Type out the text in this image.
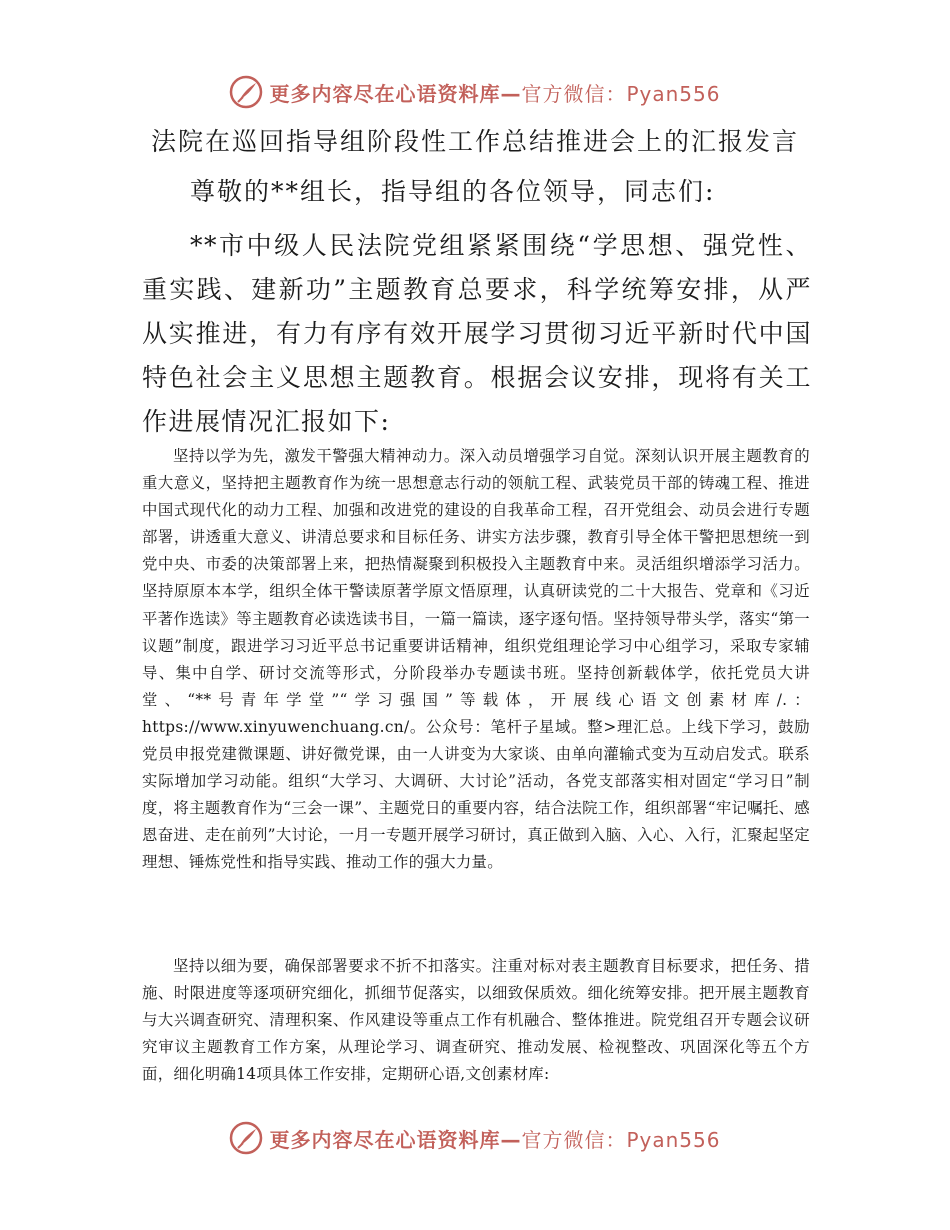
更多内容尽在心语资料库— 官方微信：Pyan556
法院在巡回指导组阶段性工作总结推进会上的汇报发言
尊敬的**组长，指导组的各位领导，同志们:

**市中级人民法院党组紧紧围绕“学思想、强党性、重实践、建新功”主题教育总要求，科学统筹安排，从严从实推进，有力有序有效开展学习贯彻习近平新时代中国特色社会主义思想主题教育。根据会议安排，现将有关工作进展情况汇报如下:

坚持以学为先，激发干警强大精神动力。深入动员增强学习自觉。深刻认识开展主题教育的重大意义，坚持把主题教育作为统一思想意志行动的领航工程、武装党员干部的铸魂工程、推进中国式现代化的动力工程、加强和改进党的建设的自我革命工程，召开党组会、动员会进行专题部署，讲透重大意义、讲清总要求和目标任务、讲实方法步骤，教育引导全体干警把思想统一到党中央、市委的决策部署上来，把热情凝聚到积极投入主题教育中来。灵活组织增添学习活力。坚持原原本本学，组织全体干警读原著学原文悟原理，认真研读党的二十大报告、党章和《习近平著作选读》等主题教育必读选读书目，一篇一篇读，逐字逐句悟。坚持领导带头学，落实“第一议题”制度，跟进学习习近平总书记重要讲话精神，组织党组理论学习中心组学习，采取专家辅导、集中自学、研讨交流等形式，分阶段举办专题读书班。坚持创新载体学，依托党员大讲堂、“**号青年学堂”“学习强国”等载体，开展线心语文创素材库/.：https://www.xinyuwenchuang.cn/。公众号：笔杆子星域。整>理汇总。上线下学习，鼓励党员申报党建微课题、讲好微党课，由一人讲变为大家谈、由单向灌输式变为互动启发式。联系实际增加学习动能。组织“大学习、大调研、大讨论”活动，各党支部落实相对固定“学习日”制度，将主题教育作为“三会一课”、主题党日的重要内容，结合法院工作，组织部署“牢记嘱托、感恩奋进、走在前列”大讨论，一月一专题开展学习研讨，真正做到入脑、入心、入行，汇聚起坚定理想、锤炼党性和指导实践、推动工作的强大力量。

坚持以细为要，确保部署要求不折不扣落实。注重对标对表主题教育目标要求，把任务、措施、时限进度等逐项研究细化，抓细节促落实，以细致保质效。细化统筹安排。把开展主题教育与大兴调查研究、清理积案、作风建设等重点工作有机融合、整体推进。院党组召开专题会议研究审议主题教育工作方案，从理论学习、调查研究、推动发展、检视整改、巩固深化等五个方面，细化明确14项具体工作安排，定期研心语,文创素材库:

更多内容尽在心语资料库— 官方微信：Pyan556
